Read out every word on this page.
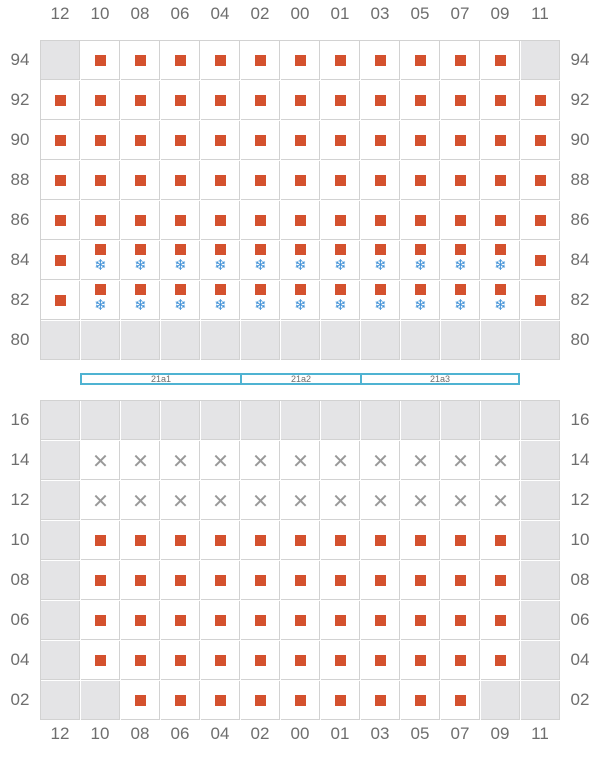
12	10	08	06	04	02	00	01	03	05	07	09	11
94	94
92	92
90	90
88	88
86	86
84	84
❄	❄	❄	❄	❄	❄	❄	❄	❄	❄	❄
82	82
❄	❄	❄	❄	❄	❄	❄	❄	❄	❄	❄
80	80
21a1	21a2	21a3
16	16
14	14
✕	✕	✕	✕	✕	✕	✕	✕	✕	✕	✕
12	12
✕	✕	✕	✕	✕	✕	✕	✕	✕	✕	✕
10	10
08	08
06	06
04	04
02	02
12	10	08	06	04	02	00	01	03	05	07	09	11
